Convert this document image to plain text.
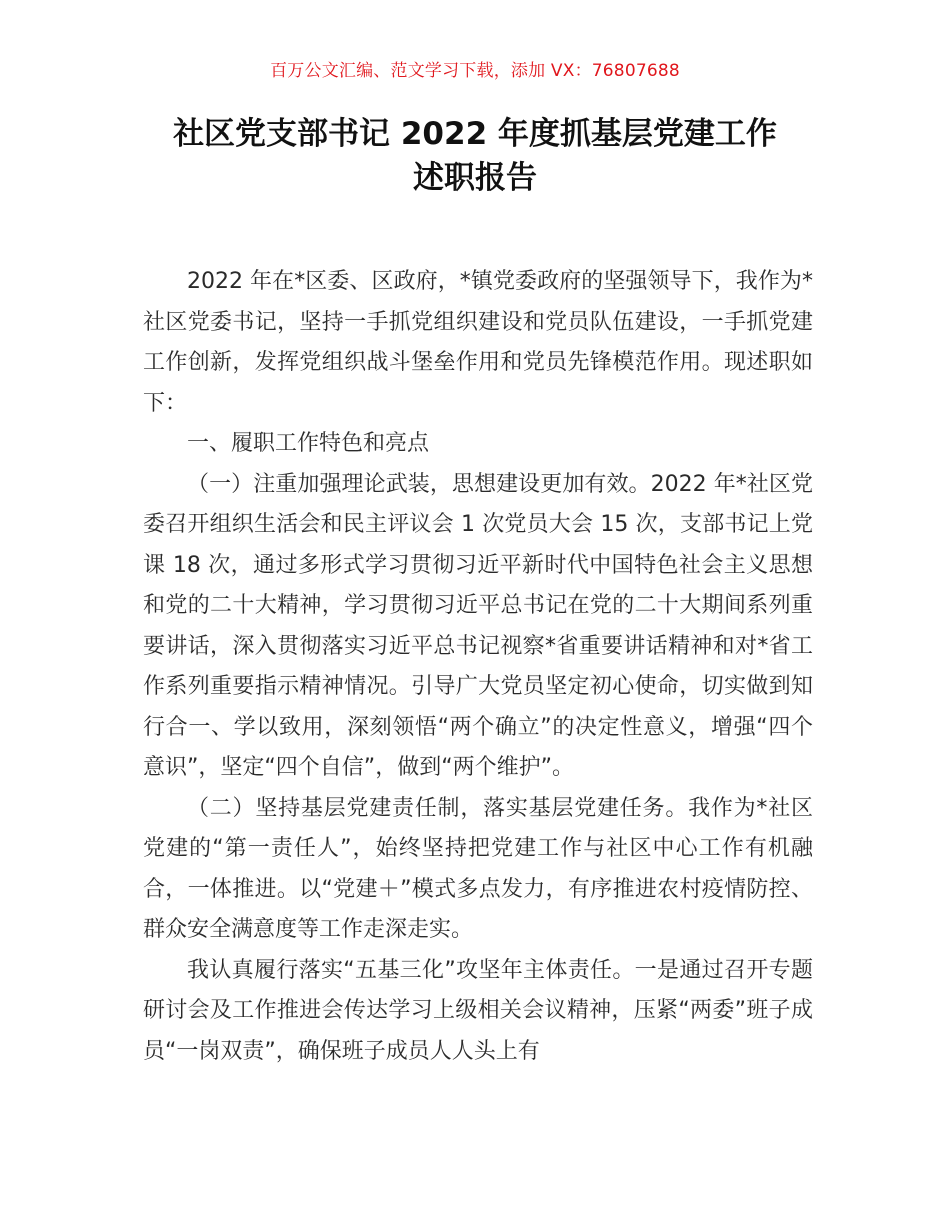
百万公文汇编、范文学习下载，添加 VX：76807688
社区党支部书记 2022 年度抓基层党建工作
述职报告

2022 年在*区委、区政府，*镇党委政府的坚强领导下，我作为*社区党委书记，坚持一手抓党组织建设和党员队伍建设，一手抓党建工作创新，发挥党组织战斗堡垒作用和党员先锋模范作用。现述职如下：

一、履职工作特色和亮点

（一）注重加强理论武装，思想建设更加有效。2022 年*社区党委召开组织生活会和民主评议会 1 次党员大会 15 次，支部书记上党课 18 次，通过多形式学习贯彻习近平新时代中国特色社会主义思想和党的二十大精神，学习贯彻习近平总书记在党的二十大期间系列重要讲话，深入贯彻落实习近平总书记视察*省重要讲话精神和对*省工作系列重要指示精神情况。引导广大党员坚定初心使命，切实做到知行合一、学以致用，深刻领悟“两个确立”的决定性意义，增强“四个意识”，坚定“四个自信”，做到“两个维护”。

（二）坚持基层党建责任制，落实基层党建任务。我作为*社区党建的“第一责任人”，始终坚持把党建工作与社区中心工作有机融合，一体推进。以“党建＋”模式多点发力，有序推进农村疫情防控、群众安全满意度等工作走深走实。

我认真履行落实“五基三化”攻坚年主体责任。一是通过召开专题研讨会及工作推进会传达学习上级相关会议精神，压紧“两委”班子成员“一岗双责”，确保班子成员人人头上有
